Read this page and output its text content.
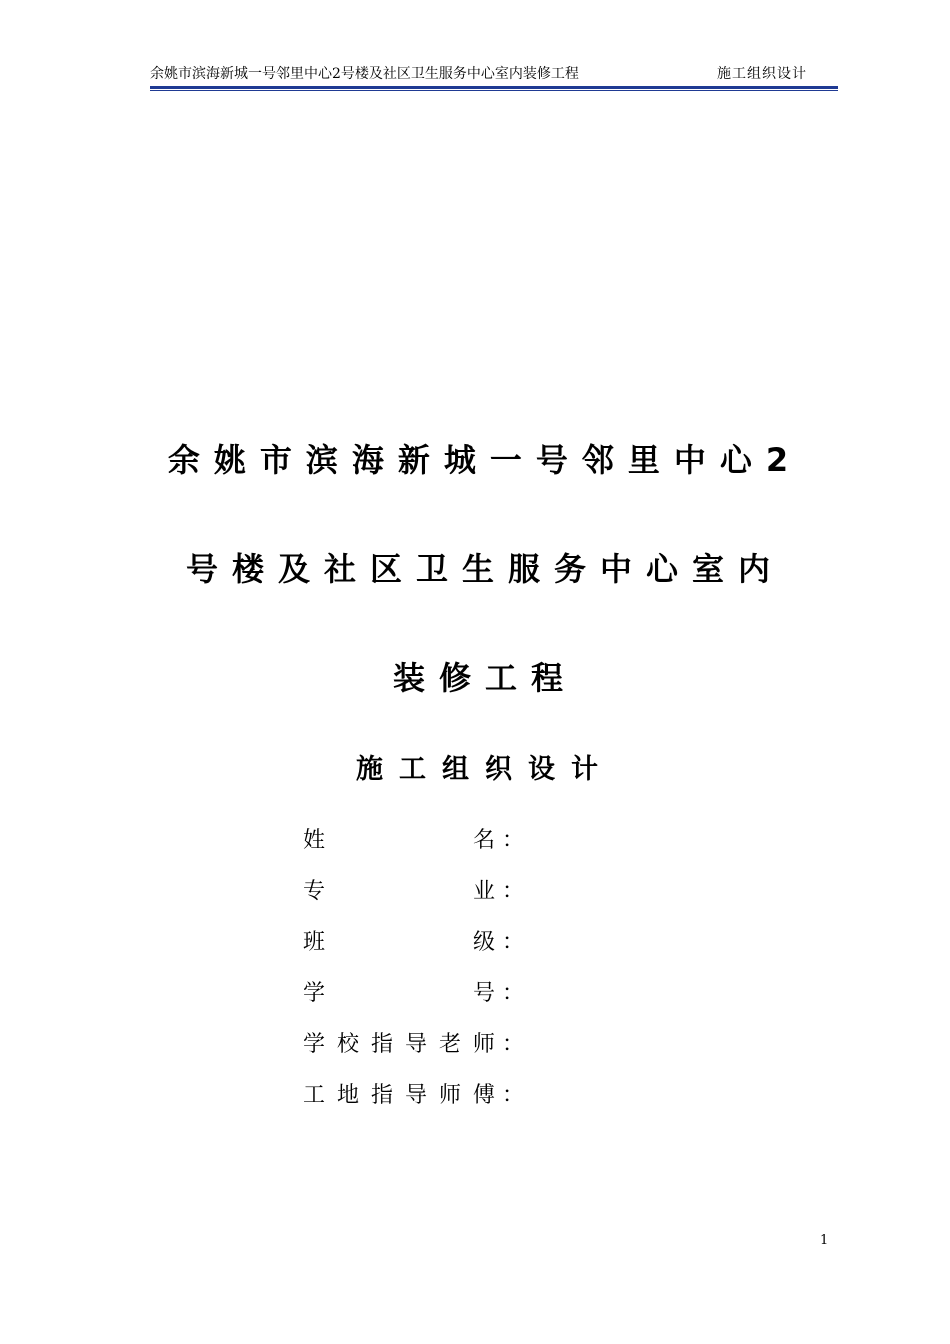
余姚市滨海新城一号邻里中心2号楼及社区卫生服务中心室内装修工程	施工组织设计
余姚市滨海新城一号邻里中心2
号楼及社区卫生服务中心室内
装修工程
施工组织设计
姓	名 ：
专	业 ：
班	级 ：
学	号 ：
学 校 指 导 老 师 ：
工 地 指 导 师 傅 ：
1
